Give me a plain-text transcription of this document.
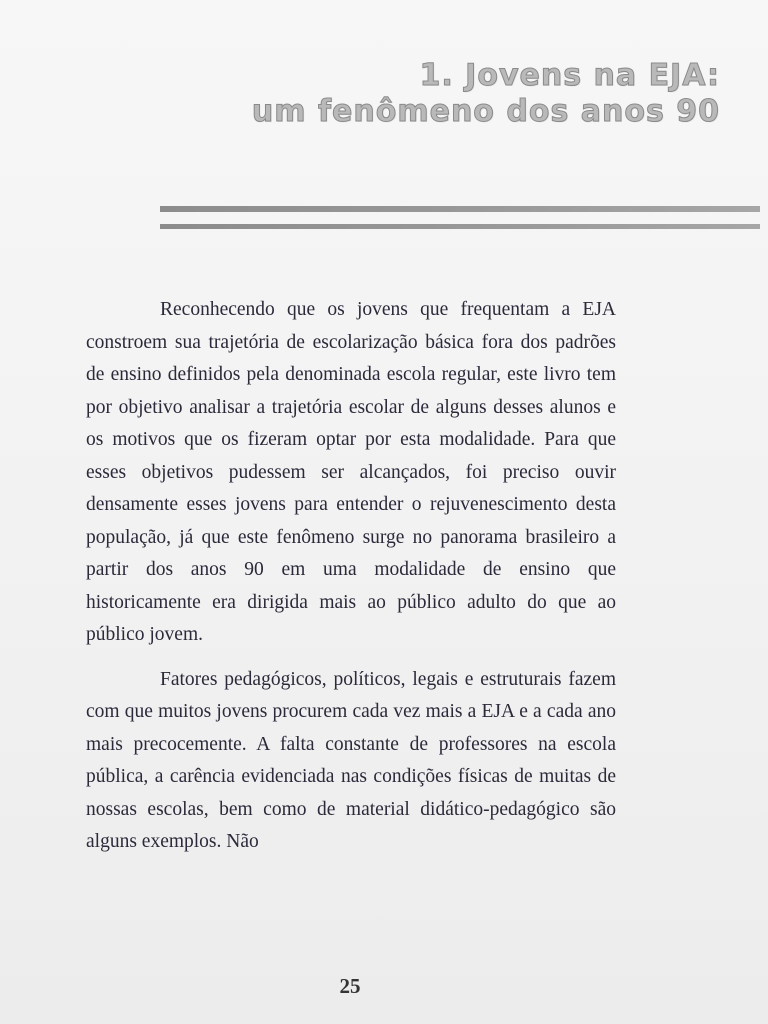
1. Jovens na EJA:
um fenômeno dos anos 90

Reconhecendo que os jovens que frequentam a EJA constroem sua trajetória de escolarização básica fora dos padrões de ensino definidos pela denominada escola regular, este livro tem por objetivo analisar a trajetória escolar de alguns desses alunos e os motivos que os fizeram optar por esta modalidade. Para que esses objetivos pudessem ser alcançados, foi preciso ouvir densamente esses jovens para entender o rejuvenescimento desta população, já que este fenômeno surge no panorama brasileiro a partir dos anos 90 em uma modalidade de ensino que historicamente era dirigida mais ao público adulto do que ao público jovem.

Fatores pedagógicos, políticos, legais e estruturais fazem com que muitos jovens procurem cada vez mais a EJA e a cada ano mais precocemente. A falta constante de professores na escola pública, a carência evidenciada nas condições físicas de muitas de nossas escolas, bem como de material didático-pedagógico são alguns exemplos. Não

25
